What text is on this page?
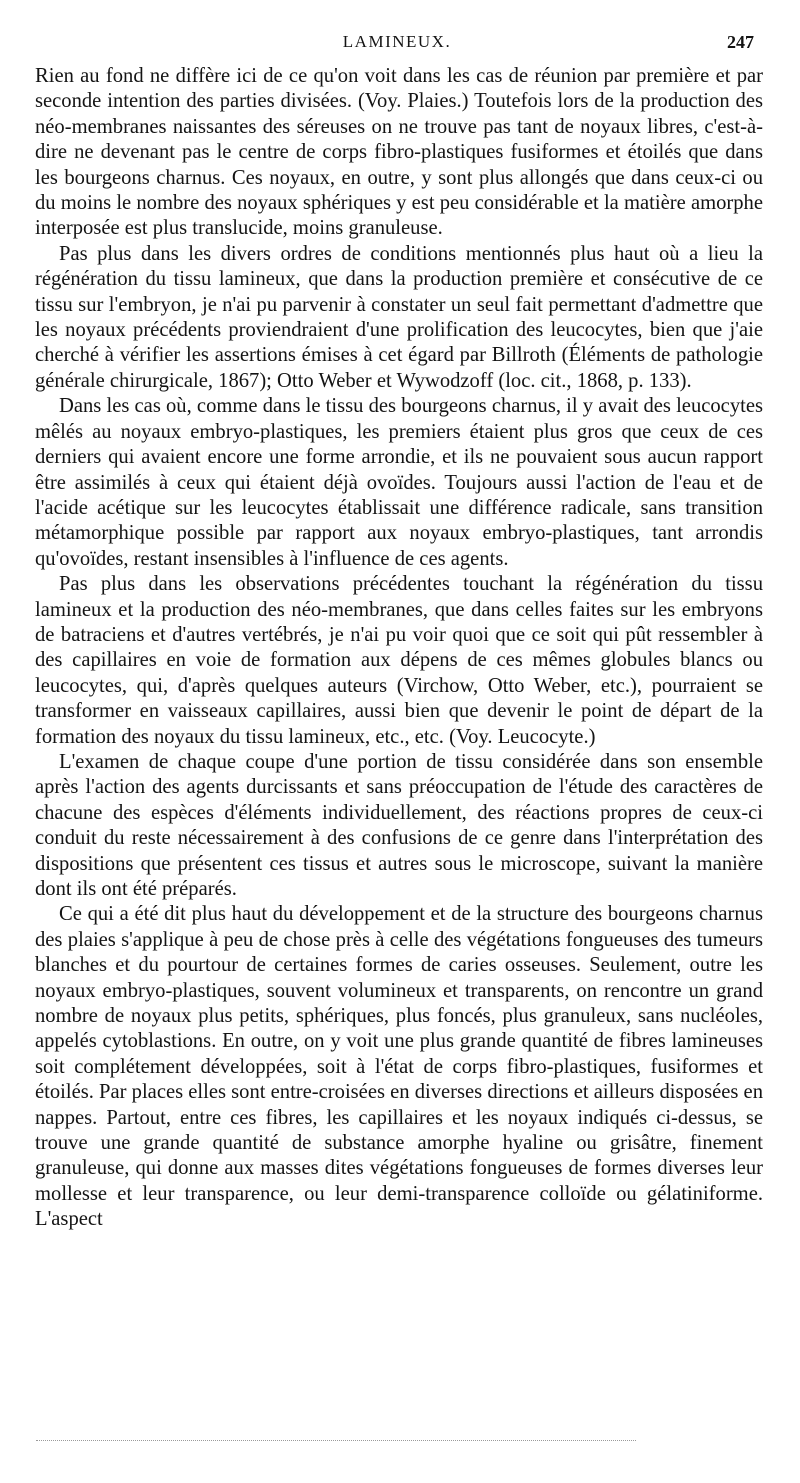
LAMINEUX.	247

Rien au fond ne diffère ici de ce qu'on voit dans les cas de réunion par première et par seconde intention des parties divisées. (Voy. Plaies.) Toutefois lors de la production des néo-membranes naissantes des séreuses on ne trouve pas tant de noyaux libres, c'est-à-dire ne devenant pas le centre de corps fibro-plastiques fusiformes et étoilés que dans les bourgeons charnus. Ces noyaux, en outre, y sont plus allongés que dans ceux-ci ou du moins le nombre des noyaux sphériques y est peu considérable et la matière amorphe interposée est plus translucide, moins granuleuse.

Pas plus dans les divers ordres de conditions mentionnés plus haut où a lieu la régénération du tissu lamineux, que dans la production première et consécutive de ce tissu sur l'embryon, je n'ai pu parvenir à constater un seul fait permettant d'admettre que les noyaux précédents proviendraient d'une prolification des leucocytes, bien que j'aie cherché à vérifier les assertions émises à cet égard par Billroth (Éléments de pathologie générale chirurgicale, 1867); Otto Weber et Wywodzoff (loc. cit., 1868, p. 133).

Dans les cas où, comme dans le tissu des bourgeons charnus, il y avait des leucocytes mêlés au noyaux embryo-plastiques, les premiers étaient plus gros que ceux de ces derniers qui avaient encore une forme arrondie, et ils ne pouvaient sous aucun rapport être assimilés à ceux qui étaient déjà ovoïdes. Toujours aussi l'action de l'eau et de l'acide acétique sur les leucocytes établissait une différence radicale, sans transition métamorphique possible par rapport aux noyaux embryo-plastiques, tant arrondis qu'ovoïdes, restant insensibles à l'influence de ces agents.

Pas plus dans les observations précédentes touchant la régénération du tissu lamineux et la production des néo-membranes, que dans celles faites sur les embryons de batraciens et d'autres vertébrés, je n'ai pu voir quoi que ce soit qui pût ressembler à des capillaires en voie de formation aux dépens de ces mêmes globules blancs ou leucocytes, qui, d'après quelques auteurs (Virchow, Otto Weber, etc.), pourraient se transformer en vaisseaux capillaires, aussi bien que devenir le point de départ de la formation des noyaux du tissu lamineux, etc., etc. (Voy. Leucocyte.)

L'examen de chaque coupe d'une portion de tissu considérée dans son ensemble après l'action des agents durcissants et sans préoccupation de l'étude des caractères de chacune des espèces d'éléments individuellement, des réactions propres de ceux-ci conduit du reste nécessairement à des confusions de ce genre dans l'interprétation des dispositions que présentent ces tissus et autres sous le microscope, suivant la manière dont ils ont été préparés.

Ce qui a été dit plus haut du développement et de la structure des bourgeons charnus des plaies s'applique à peu de chose près à celle des végétations fongueuses des tumeurs blanches et du pourtour de certaines formes de caries osseuses. Seulement, outre les noyaux embryo-plastiques, souvent volumineux et transparents, on rencontre un grand nombre de noyaux plus petits, sphériques, plus foncés, plus granuleux, sans nucléoles, appelés cytoblastions. En outre, on y voit une plus grande quantité de fibres lamineuses soit complétement développées, soit à l'état de corps fibro-plastiques, fusiformes et étoilés. Par places elles sont entre-croisées en diverses directions et ailleurs disposées en nappes. Partout, entre ces fibres, les capillaires et les noyaux indiqués ci-dessus, se trouve une grande quantité de substance amorphe hyaline ou grisâtre, finement granuleuse, qui donne aux masses dites végétations fongueuses de formes diverses leur mollesse et leur transparence, ou leur demi-transparence colloïde ou gélatiniforme. L'aspect
